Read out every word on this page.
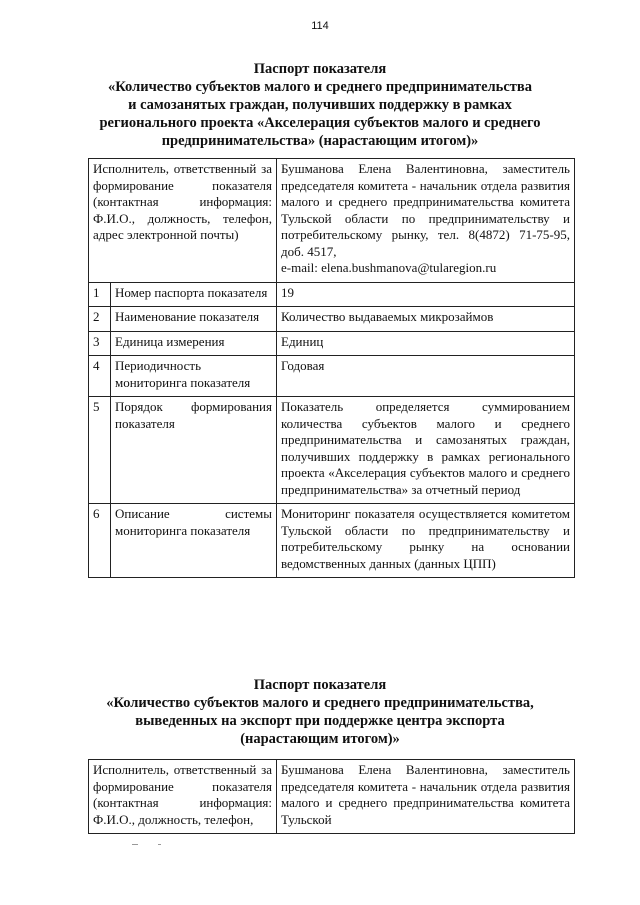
114
Паспорт показателя
«Количество субъектов малого и среднего предпринимательства
и самозанятых граждан, получивших поддержку в рамках
регионального проекта «Акселерация субъектов малого и среднего
предпринимательства» (нарастающим итогом)»
Исполнитель, ответственный за формирование показателя (контактная информация: Ф.И.О., должность, телефон, адрес электронной почты)		Бушманова Елена Валентиновна, заместитель председателя комитета - начальник отдела развития малого и среднего предпринимательства комитета Тульской области по предпринимательству и потребительскому рынку, тел. 8(4872) 71-75-95, доб. 4517,
e-mail: elena.bushmanova@tularegion.ru
1	Номер паспорта показателя	19
2	Наименование показателя	Количество выдаваемых микрозаймов
3	Единица измерения	Единиц
4	Периодичность мониторинга показателя	Годовая
5	Порядок формирования показателя	Показатель определяется суммированием количества субъектов малого и среднего предпринимательства и самозанятых граждан, получивших поддержку в рамках регионального проекта «Акселерация субъектов малого и среднего предпринимательства» за отчетный период
6	Описание системы мониторинга показателя	Мониторинг показателя осуществляется комитетом Тульской области по предпринимательству и потребительскому рынку на основании ведомственных данных (данных ЦПП)
Паспорт показателя
«Количество субъектов малого и среднего предпринимательства,
выведенных на экспорт при поддержке центра экспорта
(нарастающим итогом)»
Исполнитель, ответственный за формирование показателя (контактная информация: Ф.И.О., должность, телефон,	Бушманова Елена Валентиновна, заместитель председателя комитета - начальник отдела развития малого и среднего предпринимательства комитета Тульской
